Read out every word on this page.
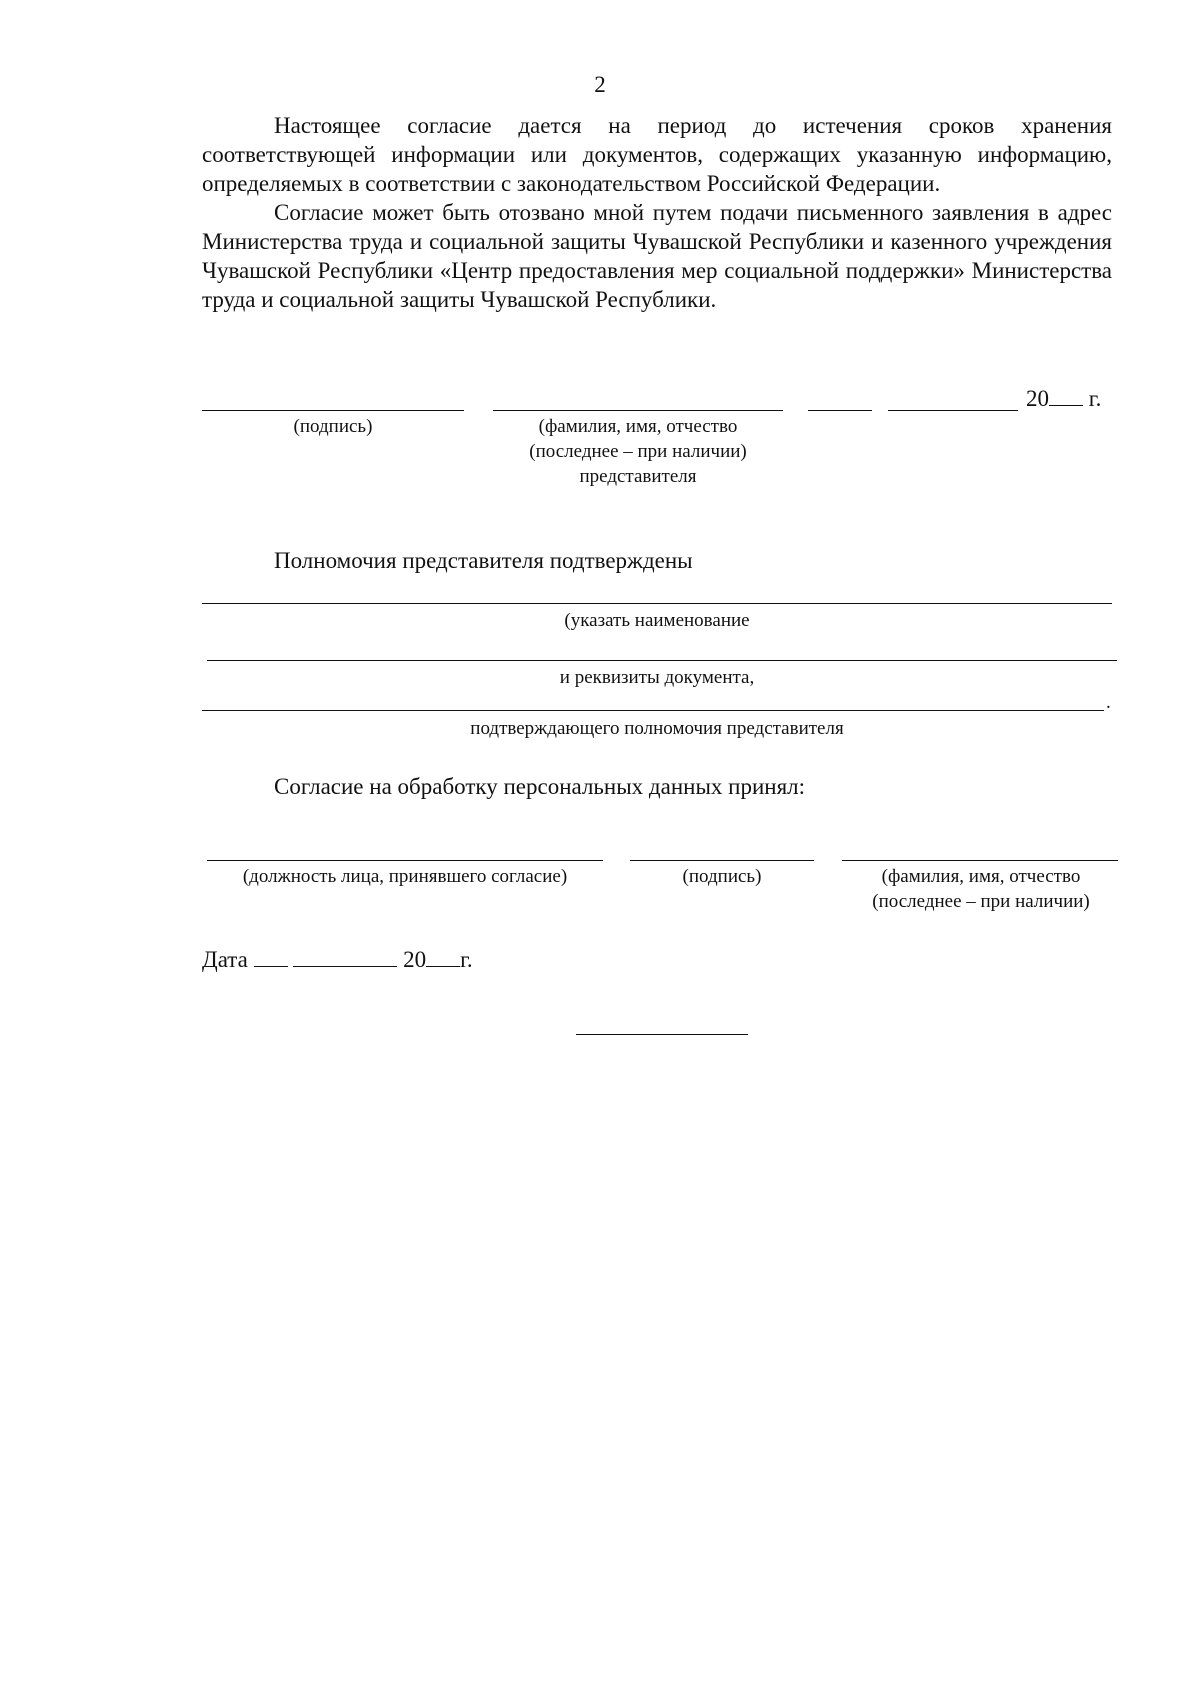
2

Настоящее согласие дается на период до истечения сроков хранения соответствующей информации или документов, содержащих указанную информацию, определяемых в соответствии с законодательством Российской Федерации.

Согласие может быть отозвано мной путем подачи письменного заявления в адрес Министерства труда и социальной защиты Чувашской Республики и казенного учреждения Чувашской Республики «Центр предоставления мер социальной поддержки» Министерства труда и социальной защиты Чувашской Республики.

20 г.
(подпись)	(фамилия, имя, отчество
(последнее – при наличии)
представителя
Полномочия представителя подтверждены
(указать наименование
и реквизиты документа,
.
подтверждающего полномочия представителя
Согласие на обработку персональных данных принял:
(должность лица, принявшего согласие)	(подпись)	(фамилия, имя, отчество
(последнее – при наличии)
Дата	20 г.
